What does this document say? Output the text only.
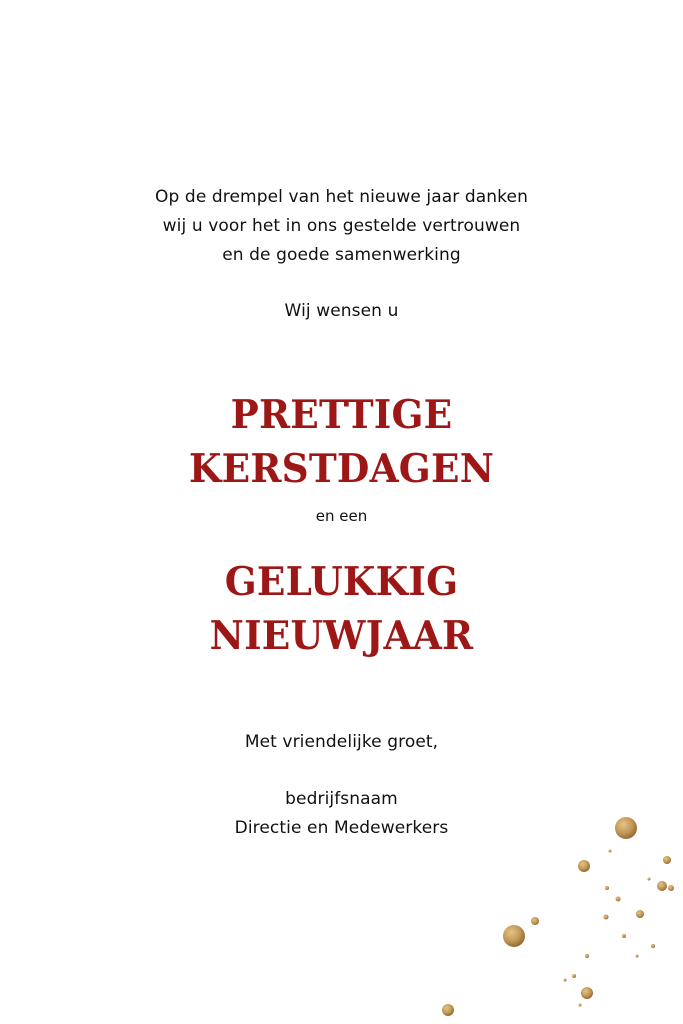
Op de drempel van het nieuwe jaar danken
wij u voor het in ons gestelde vertrouwen
en de goede samenwerking
Wij wensen u
PRETTIGE
KERSTDAGEN
en een
GELUKKIG
NIEUWJAAR
Met vriendelijke groet,
bedrijfsnaam
Directie en Medewerkers
